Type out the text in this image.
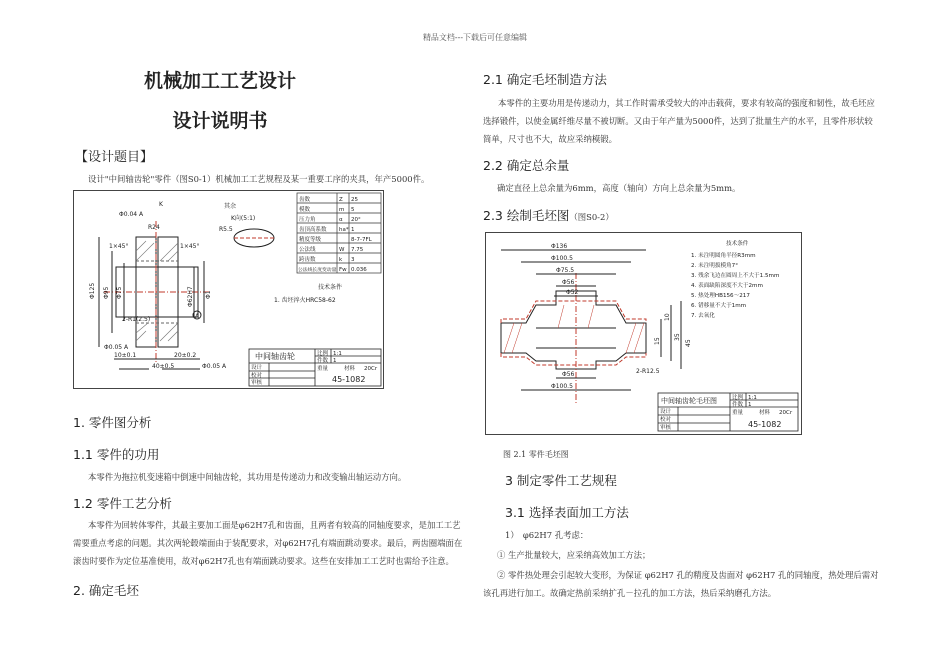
精品文档---下载后可任意编辑
机械加工工艺设计
设计说明书
【设计题目】
设计"中间轴齿轮"零件（图S0-1）机械加工工艺规程及某一重要工序的夹具，年产5000件。
Φ0.04 A
R24
K	其余
K向(5:1)
R5.5
1×45°	1×45°
Φ125 Φ95 Φ75	Φ62H7 Φ1
Φ0.05 A
10±0.1	20±0.2
40±0.5	Φ0.05 A
2-R1(2.5)	A
齿数	Z 25
模数	m 5
压力角	α 20°
齿顶高系数 ha* 1
精度等级	8-7-7FL
公法线	W 7.75
跨齿数	k 3
公法线长度变动量 Fw 0.036
技术条件
1. 齿坯淬火HRC58-62
中间轴齿轮	比例 1:1
件数 1
重量	材料 20Cr
设计
校对
审核	45-1082
1. 零件图分析
1.1 零件的功用
本零件为拖拉机变速箱中倒速中间轴齿轮，其功用是传递动力和改变输出轴运动方向。
1.2 零件工艺分析
本零件为回转体零件，其最主要加工面是φ62H7孔和齿面，且两者有较高的同轴度要求，是加工工艺需要重点考虑的问题。其次两轮毂端面由于装配要求，对φ62H7孔有端面跳动要求。最后，两齿圈端面在滚齿时要作为定位基准使用，故对φ62H7孔也有端面跳动要求。这些在安排加工工艺时也需给予注意。
2. 确定毛坯
2.1 确定毛坯制造方法
本零件的主要功用是传递动力，其工作时需承受较大的冲击载荷，要求有较高的强度和韧性，故毛坯应选择锻件，以使金属纤维尽量不被切断。又由于年产量为5000件，达到了批量生产的水平，且零件形状较简单，尺寸也不大，故应采纳模锻。
2.2 确定总余量
确定直径上总余量为6mm，高度（轴向）方向上总余量为5mm。
2.3 绘制毛坯图（图S0-2）
Φ136
Φ100.5
Φ75.5
Φ56
Φ52
Φ56
Φ100.5
2-R12.5
45
35
15
10
技术条件
1. 未注明圆角半径R3mm
2. 未注明拔模角7°
3. 残余飞边在圆周上不大于1.5mm
4. 表面缺陷深度不大于2mm
5. 热处理HB156～217
6. 错移量不大于1mm
7. 去氧化
中间轴齿轮毛坯图	比例 1:1
件数 1
重量	材料 20Cr
设计
校对
审核	45-1082
图 2.1 零件毛坯图
3 制定零件工艺规程
3.1 选择表面加工方法
1）　φ62H7 孔考虑：
① 生产批量较大，应采纳高效加工方法；
② 零件热处理会引起较大变形，为保证 φ62H7 孔的精度及齿面对 φ62H7 孔的同轴度，热处理后需对该孔再进行加工。故确定热前采纳扩孔－拉孔的加工方法，热后采纳磨孔方法。
